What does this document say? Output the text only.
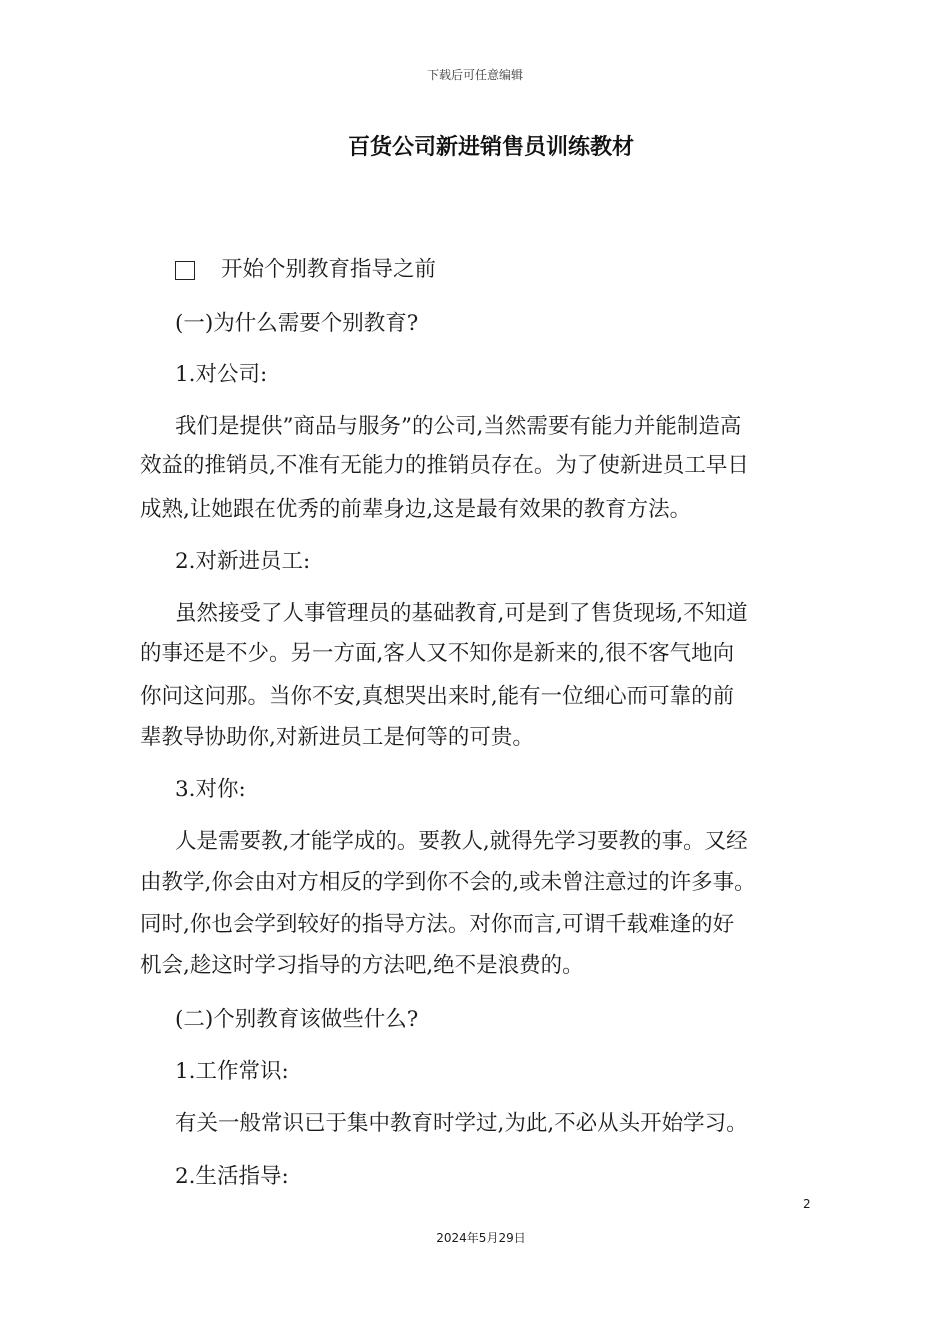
下载后可任意编辑
百货公司新进销售员训练教材
开始个别教育指导之前
(一)为什么需要个别教育?
1.对公司:
我们是提供”商品与服务”的公司,当然需要有能力并能制造高
效益的推销员,不准有无能力的推销员存在。为了使新进员工早日
成熟,让她跟在优秀的前辈身边,这是最有效果的教育方法。
2.对新进员工:
虽然接受了人事管理员的基础教育,可是到了售货现场,不知道
的事还是不少。另一方面,客人又不知你是新来的,很不客气地向
你问这问那。当你不安,真想哭出来时,能有一位细心而可靠的前
辈教导协助你,对新进员工是何等的可贵。
3.对你:
人是需要教,才能学成的。要教人,就得先学习要教的事。又经
由教学,你会由对方相反的学到你不会的,或未曾注意过的许多事。
同时,你也会学到较好的指导方法。对你而言,可谓千载难逢的好
机会,趁这时学习指导的方法吧,绝不是浪费的。
(二)个别教育该做些什么?
1.工作常识:
有关一般常识已于集中教育时学过,为此,不必从头开始学习。
2.生活指导:
2
2024年5月29日
